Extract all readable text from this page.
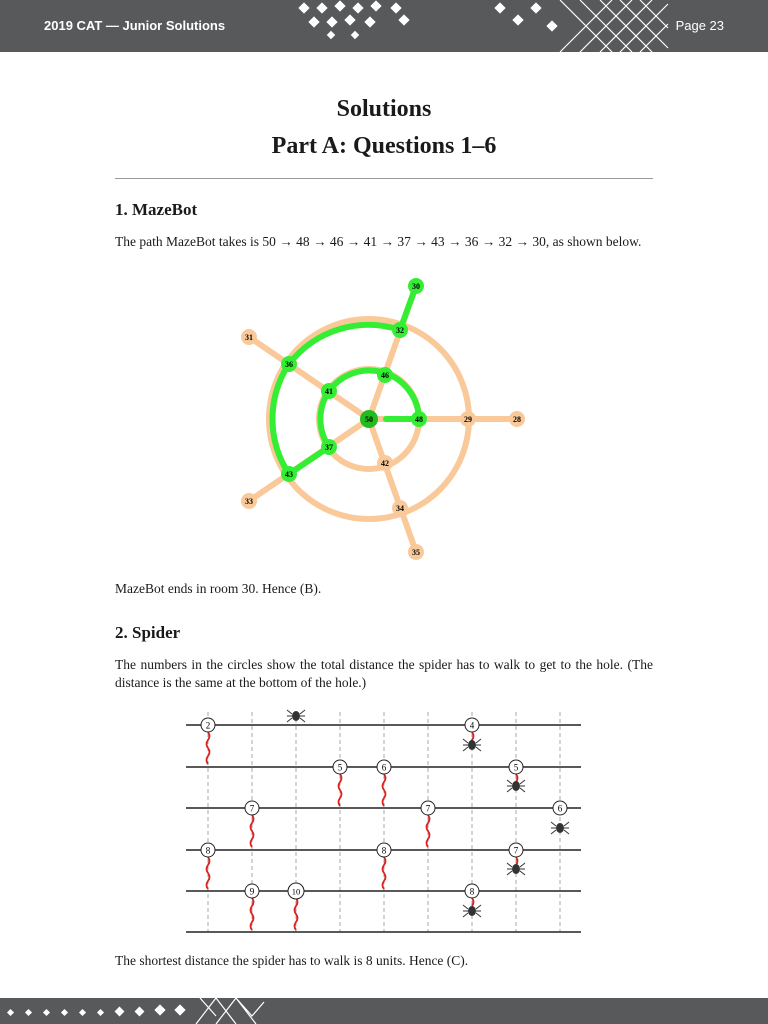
2019 CAT — Junior Solutions	Page 23
Solutions
Part A: Questions 1–6
1. MazeBot
The path MazeBot takes is 50 → 48 → 46 → 41 → 37 → 43 → 36 → 32 → 30, as shown below.
30
31
32
36
46
41
50	48	29	28
37
42
43
33
34
35
MazeBot ends in room 30. Hence (B).
2. Spider
The numbers in the circles show the total distance the spider has to walk to get to the hole. (The distance is the same at the bottom of the hole.)
2	4
5	6	5
7	7	6
8	8	7
9	10	8
The shortest distance the spider has to walk is 8 units. Hence (C).
